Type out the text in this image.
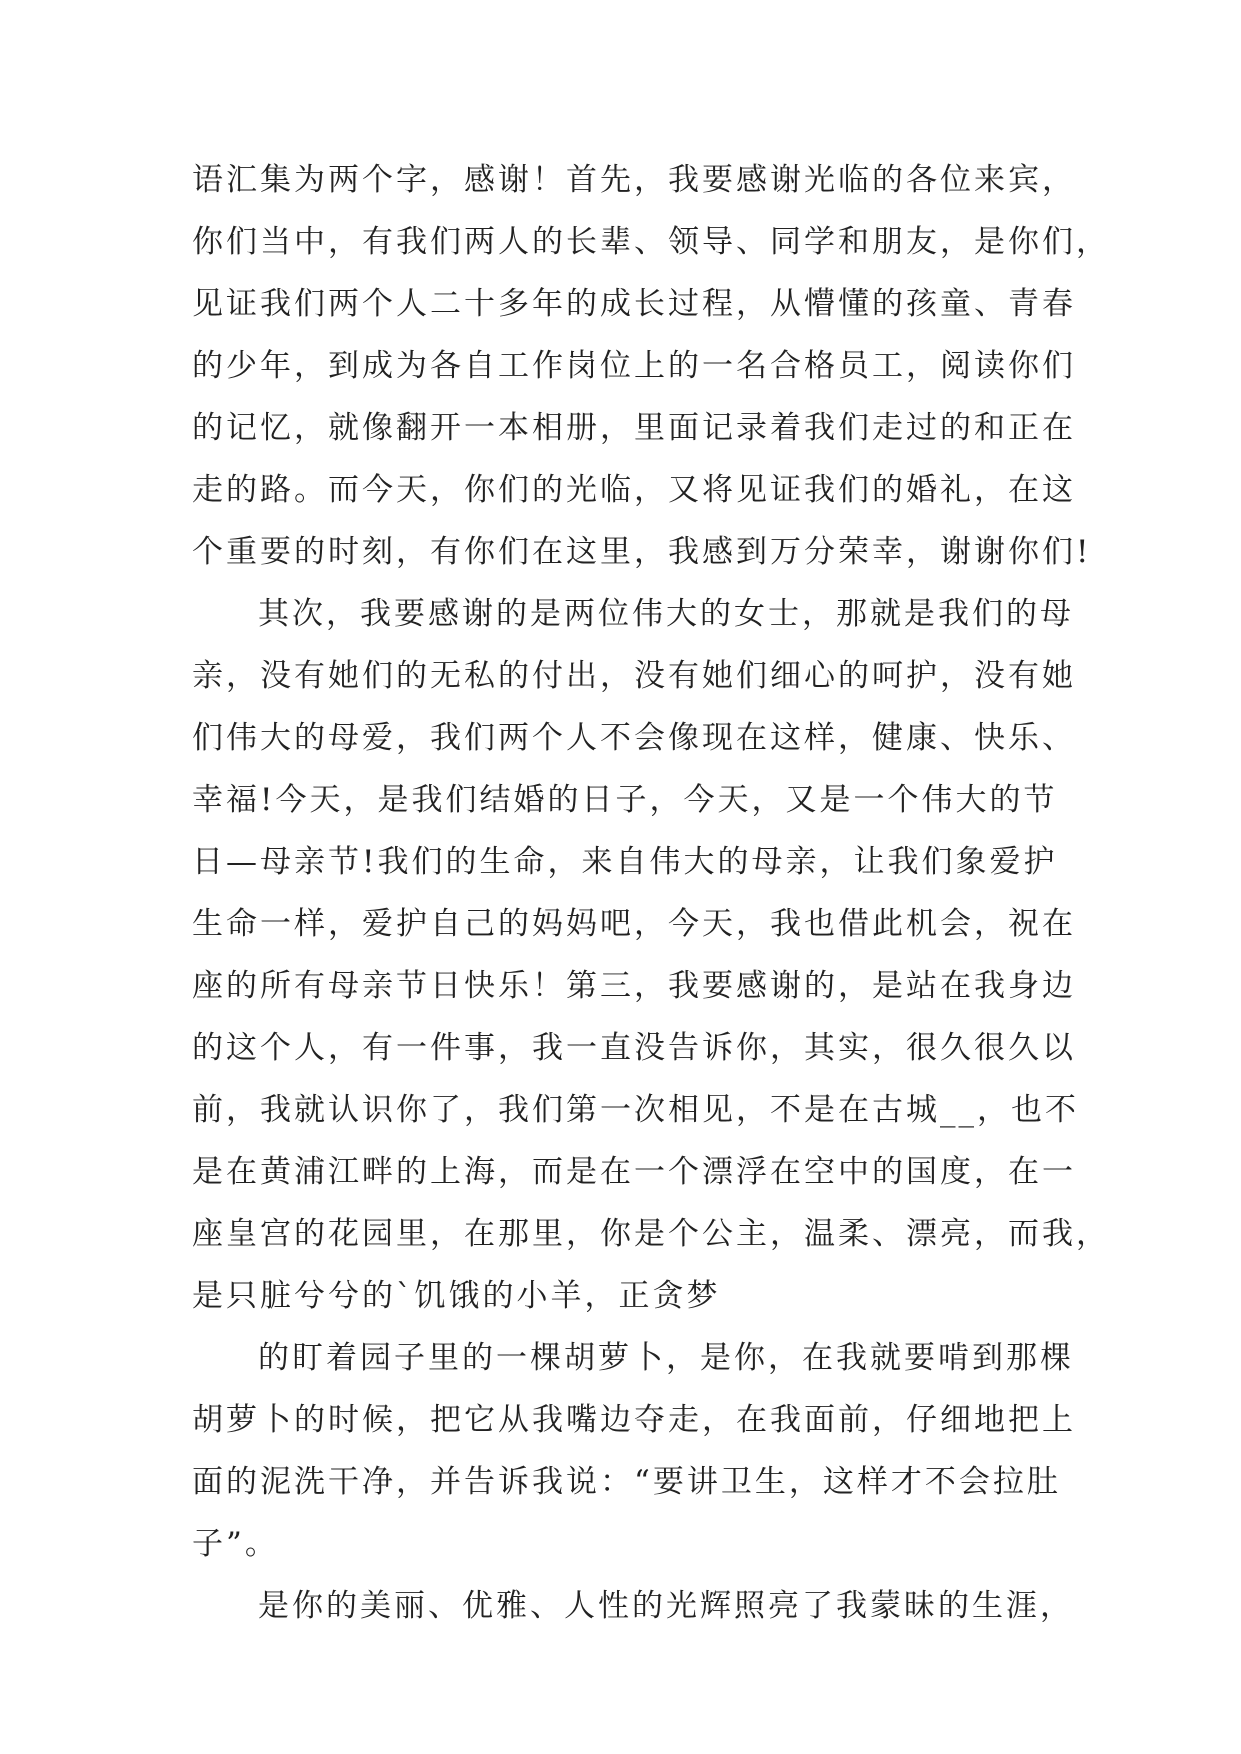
语汇集为两个字，感谢！首先，我要感谢光临的各位来宾，
你们当中，有我们两人的长辈、领导、同学和朋友，是你们，
见证我们两个人二十多年的成长过程，从懵懂的孩童、青春
的少年，到成为各自工作岗位上的一名合格员工，阅读你们
的记忆，就像翻开一本相册，里面记录着我们走过的和正在
走的路。而今天，你们的光临，又将见证我们的婚礼，在这
个重要的时刻，有你们在这里，我感到万分荣幸，谢谢你们!
其次，我要感谢的是两位伟大的女士，那就是我们的母
亲，没有她们的无私的付出，没有她们细心的呵护，没有她
们伟大的母爱，我们两个人不会像现在这样，健康、快乐、
幸福!今天，是我们结婚的日子，今天，又是一个伟大的节
日—母亲节!我们的生命，来自伟大的母亲，让我们象爱护
生命一样，爱护自己的妈妈吧，今天，我也借此机会，祝在
座的所有母亲节日快乐！第三，我要感谢的，是站在我身边
的这个人，有一件事，我一直没告诉你，其实，很久很久以
前，我就认识你了，我们第一次相见，不是在古城__，也不
是在黄浦江畔的上海，而是在一个漂浮在空中的国度，在一
座皇宫的花园里，在那里，你是个公主，温柔、漂亮，而我，
是只脏兮兮的`饥饿的小羊，正贪梦
的盯着园子里的一棵胡萝卜，是你，在我就要啃到那棵
胡萝卜的时候，把它从我嘴边夺走，在我面前，仔细地把上
面的泥洗干净，并告诉我说：“要讲卫生，这样才不会拉肚
子”。
是你的美丽、优雅、人性的光辉照亮了我蒙昧的生涯，
